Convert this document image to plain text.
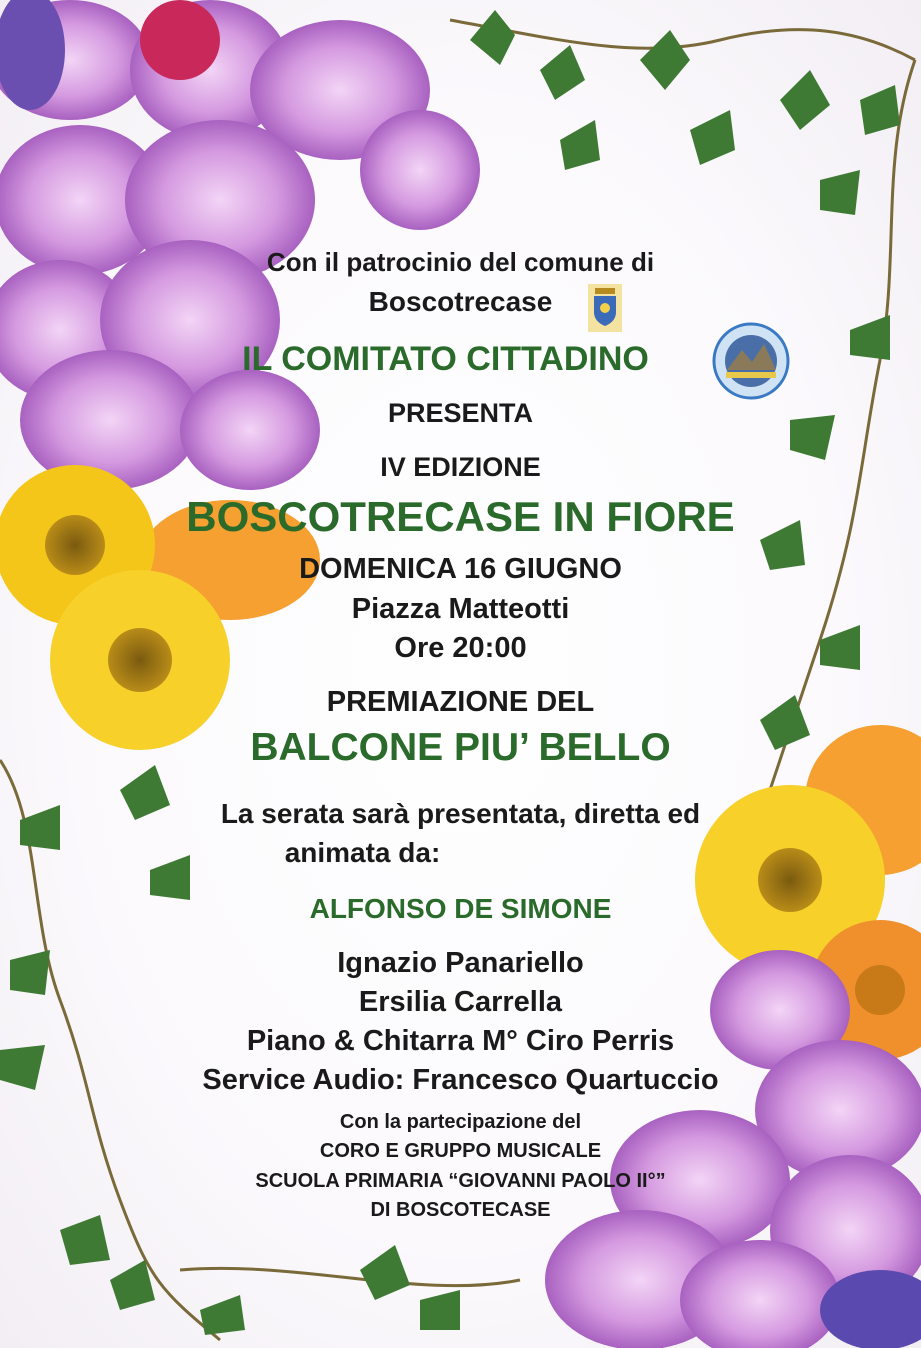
Con il patrocinio del comune di
Boscotrecase
IL COMITATO CITTADINO
PRESENTA
IV EDIZIONE
BOSCOTRECASE IN FIORE
DOMENICA 16 GIUGNO
Piazza Matteotti
Ore 20:00
PREMIAZIONE DEL
BALCONE PIU’ BELLO
La serata sarà presentata, diretta ed
animata da:
ALFONSO DE SIMONE
Ignazio Panariello
Ersilia Carrella
Piano & Chitarra M° Ciro Perris
Service Audio: Francesco Quartuccio
Con la partecipazione del
CORO E GRUPPO MUSICALE
SCUOLA PRIMARIA “GIOVANNI PAOLO II°”
DI BOSCOTECASE
